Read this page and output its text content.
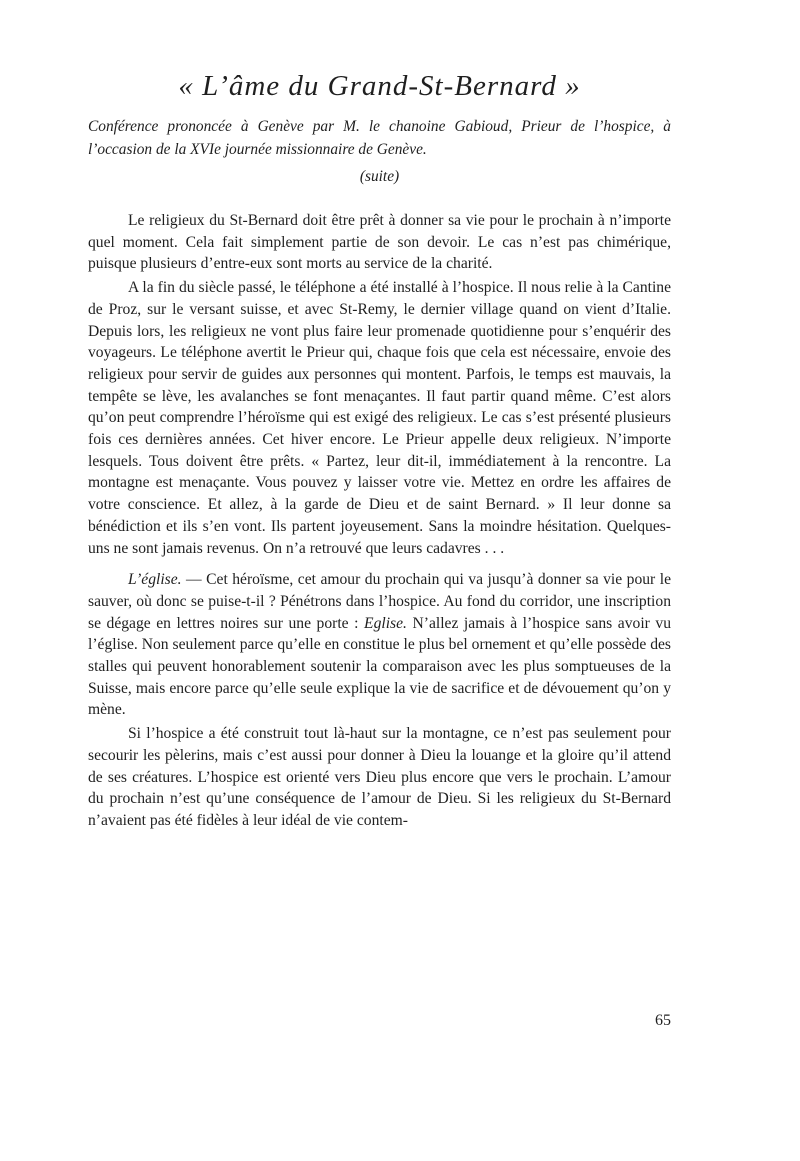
« L’âme du Grand-St-Bernard »

Conférence prononcée à Genève par M. le chanoine Gabioud, Prieur de l’hospice, à l’occasion de la XVIe journée missionnaire de Genève.

(suite)

Le religieux du St-Bernard doit être prêt à donner sa vie pour le prochain à n’importe quel moment. Cela fait simplement partie de son devoir. Le cas n’est pas chimérique, puisque plusieurs d’entre-eux sont morts au service de la charité.

A la fin du siècle passé, le téléphone a été installé à l’hospice. Il nous relie à la Cantine de Proz, sur le versant suisse, et avec St-Remy, le dernier village quand on vient d’Italie. Depuis lors, les religieux ne vont plus faire leur promenade quotidienne pour s’enquérir des voyageurs. Le téléphone avertit le Prieur qui, chaque fois que cela est nécessaire, envoie des religieux pour servir de guides aux personnes qui montent. Parfois, le temps est mauvais, la tempête se lève, les avalanches se font menaçantes. Il faut partir quand même. C’est alors qu’on peut comprendre l’héroïsme qui est exigé des religieux. Le cas s’est présenté plusieurs fois ces dernières années. Cet hiver encore. Le Prieur appelle deux religieux. N’importe lesquels. Tous doivent être prêts. « Partez, leur dit-il, immédiatement à la rencontre. La montagne est menaçante. Vous pouvez y laisser votre vie. Mettez en ordre les affaires de votre conscience. Et allez, à la garde de Dieu et de saint Bernard. » Il leur donne sa bénédiction et ils s’en vont. Ils partent joyeusement. Sans la moindre hésitation. Quelques-uns ne sont jamais revenus. On n’a retrouvé que leurs cadavres . . .

L’église. — Cet héroïsme, cet amour du prochain qui va jusqu’à donner sa vie pour le sauver, où donc se puise-t-il ? Pénétrons dans l’hospice. Au fond du corridor, une inscription se dégage en lettres noires sur une porte : Eglise. N’allez jamais à l’hospice sans avoir vu l’église. Non seulement parce qu’elle en constitue le plus bel ornement et qu’elle possède des stalles qui peuvent honorablement soutenir la comparaison avec les plus somptueuses de la Suisse, mais encore parce qu’elle seule explique la vie de sacrifice et de dévouement qu’on y mène.

Si l’hospice a été construit tout là-haut sur la montagne, ce n’est pas seulement pour secourir les pèlerins, mais c’est aussi pour donner à Dieu la louange et la gloire qu’il attend de ses créatures. L’hospice est orienté vers Dieu plus encore que vers le prochain. L’amour du prochain n’est qu’une conséquence de l’amour de Dieu. Si les religieux du St-Bernard n’avaient pas été fidèles à leur idéal de vie contem-

65
